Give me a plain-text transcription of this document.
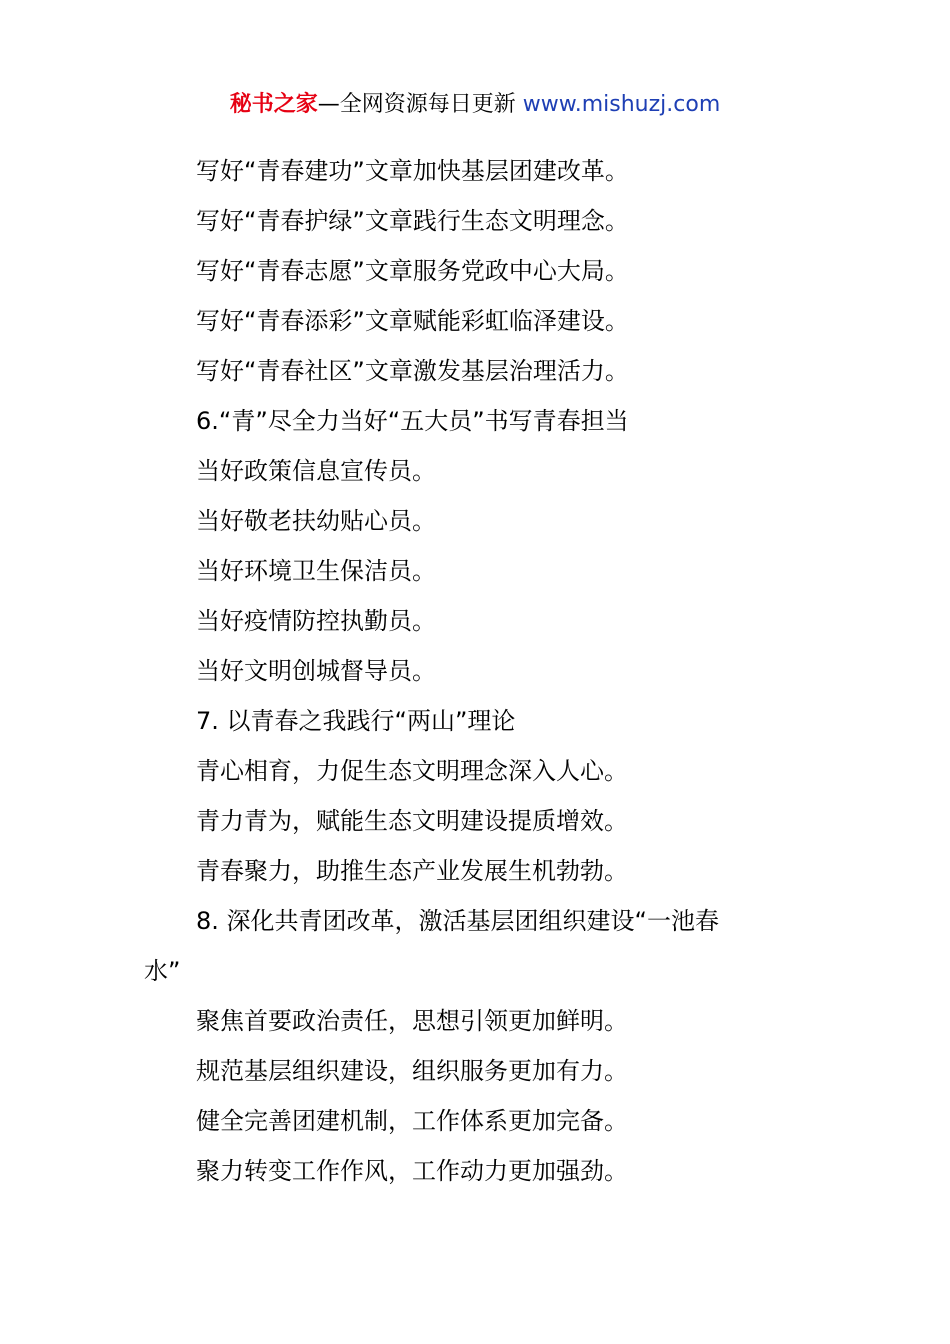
秘书之家—全网资源每日更新 www.mishuzj.com
写好“青春建功”文章加快基层团建改革。
写好“青春护绿”文章践行生态文明理念。
写好“青春志愿”文章服务党政中心大局。
写好“青春添彩”文章赋能彩虹临泽建设。
写好“青春社区”文章激发基层治理活力。
6.“青”尽全力当好“五大员”书写青春担当
当好政策信息宣传员。
当好敬老扶幼贴心员。
当好环境卫生保洁员。
当好疫情防控执勤员。
当好文明创城督导员。
7. 以青春之我践行“两山”理论
青心相育，力促生态文明理念深入人心。
青力青为，赋能生态文明建设提质增效。
青春聚力，助推生态产业发展生机勃勃。
8. 深化共青团改革，激活基层团组织建设“一池春
水”
聚焦首要政治责任，思想引领更加鲜明。
规范基层组织建设，组织服务更加有力。
健全完善团建机制，工作体系更加完备。
聚力转变工作作风，工作动力更加强劲。
